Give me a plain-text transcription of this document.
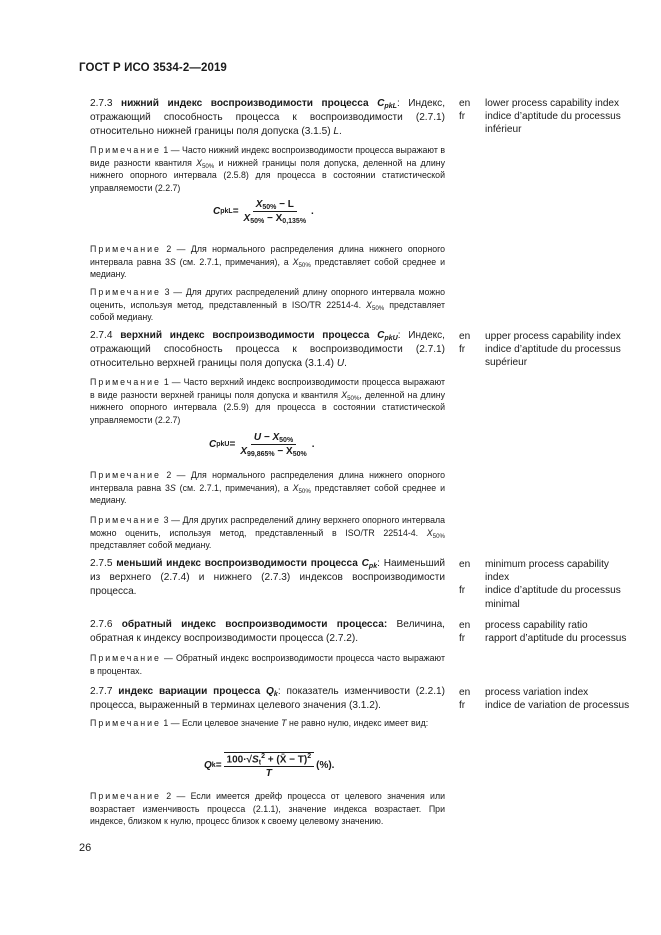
ГОСТ Р ИСО 3534-2—2019
2.7.3 нижний индекс воспроизводимости процесса $C_{pkL}$: Индекс, отражающий способность процесса к воспроизводимости (2.7.1) относительно нижней границы поля допуска (3.1.5) L.
Примечание 1 — Часто нижний индекс воспроизводимости процесса выражают в виде разности квантиля $X_{50\%}$ и нижней границы поля допуска, деленной на длину нижнего опорного интервала (2.5.8) для процесса в состоянии статистической управляемости (2.2.7)
C pkL = $\frac{X_{50\%} - L}{X_{50\%} - X_{0,135\%}}$ .
Примечание 2 — Для нормального распределения длина нижнего опорного интервала равна 3S (см. 2.7.1, примечания), а $X_{50\%}$ представляет собой среднее и медиану.
Примечание 3 — Для других распределений длину опорного интервала можно оценить, используя метод, представленный в ISO/TR 22514-4. $X_{50\%}$ представляет собой медиану.
en	lower process capability index
fr	indice d’aptitude du processus inférieur
2.7.4 верхний индекс воспроизводимости процесса $C_{pkU}$: Индекс, отражающий способность процесса к воспроизводимости (2.7.1) относительно верхней границы поля допуска (3.1.4) U.
Примечание 1 — Часто верхний индекс воспроизводимости процесса выражают в виде разности верхней границы поля допуска и квантиля $X_{50\%}$, деленной на длину нижнего опорного интервала (2.5.9) для процесса в состоянии статистической управляемости (2.2.7)
C pkU = $\frac{U - X_{50\%}}{X_{99,865\%} - X_{50\%}}$ .
Примечание 2 — Для нормального распределения длина нижнего опорного интервала равна 3S (см. 2.7.1, примечания), а $X_{50\%}$ представляет собой среднее и медиану.
Примечание 3 — Для других распределений длину верхнего опорного интервала можно оценить, используя метод, представленный в ISO/TR 22514-4. $X_{50\%}$ представляет собой медиану.
en	upper process capability index
fr	indice d’aptitude du processus supérieur
2.7.5 меньший индекс воспроизводимости процесса $C_{pk}$: Наименьший из верхнего (2.7.4) и нижнего (2.7.3) индексов воспроизводимости процесса.
en	minimum process capability index
fr	indice d’aptitude du processus minimal
2.7.6 обратный индекс воспроизводимости процесса: Величина, обратная к индексу воспроизводимости процесса (2.7.2).
Примечание — Обратный индекс воспроизводимости процесса часто выражают в процентах.
en	process capability ratio
fr	rapport d’aptitude du processus
2.7.7 индекс вариации процесса $Q_k$: показатель изменчивости (2.2.1) процесса, выраженный в терминах целевого значения (3.1.2).
Примечание 1 — Если целевое значение T не равно нулю, индекс имеет вид:
Q $k = \frac{100\cdot√S_t^2 + (X̄ - T)^2}{T}$ (%).
Примечание 2 — Если имеется дрейф процесса от целевого значения или возрастает изменчивость процесса (2.1.1), значение индекса возрастает. При индексе, близком к нулю, процесс близок к своему целевому значению.
en	process variation index
fr	indice de variation de processus
26
